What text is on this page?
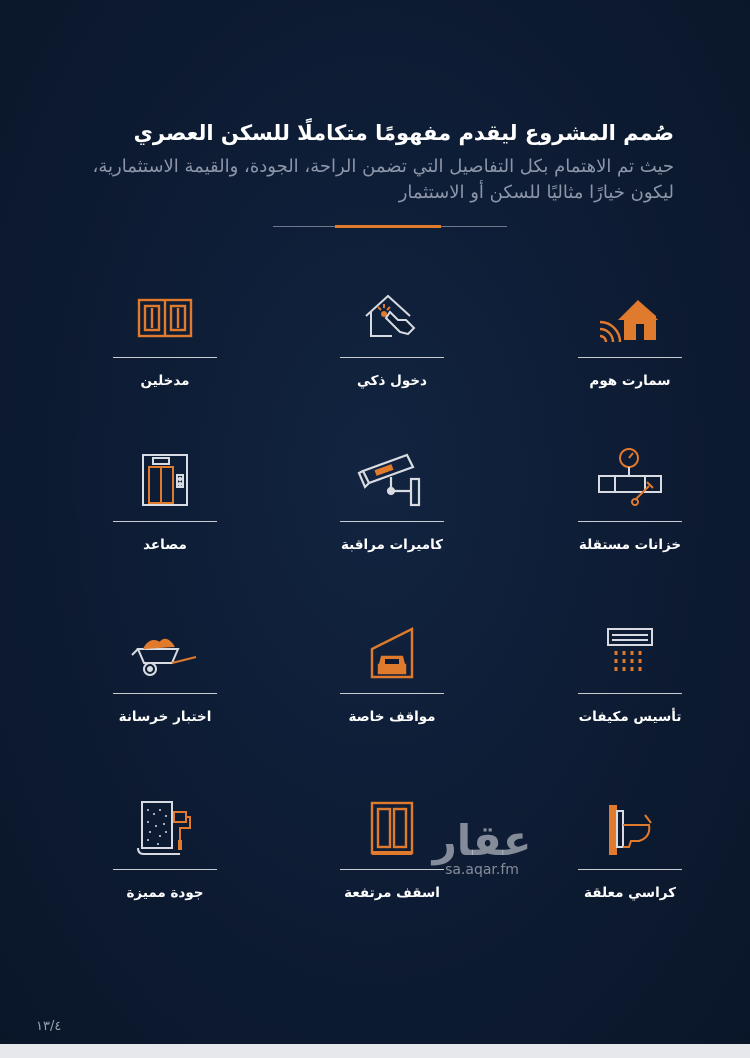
صُمم المشروع ليقدم مفهومًا متكاملًا للسكن العصري
حيث تم الاهتمام بكل التفاصيل التي تضمن الراحة، الجودة، والقيمة الاستثمارية، ليكون خيارًا مثاليًا للسكن أو الاستثمار
سمارت هوم
دخول ذكي
مدخلين
خزانات مستقلة
كاميرات مراقبة
مصاعد
تأسيس مكيفات
مواقف خاصة
اختبار خرسانة
كراسي معلقة
اسقف مرتفعة
جودة مميزة
عقار
sa.aqar.fm
١٣/٤
